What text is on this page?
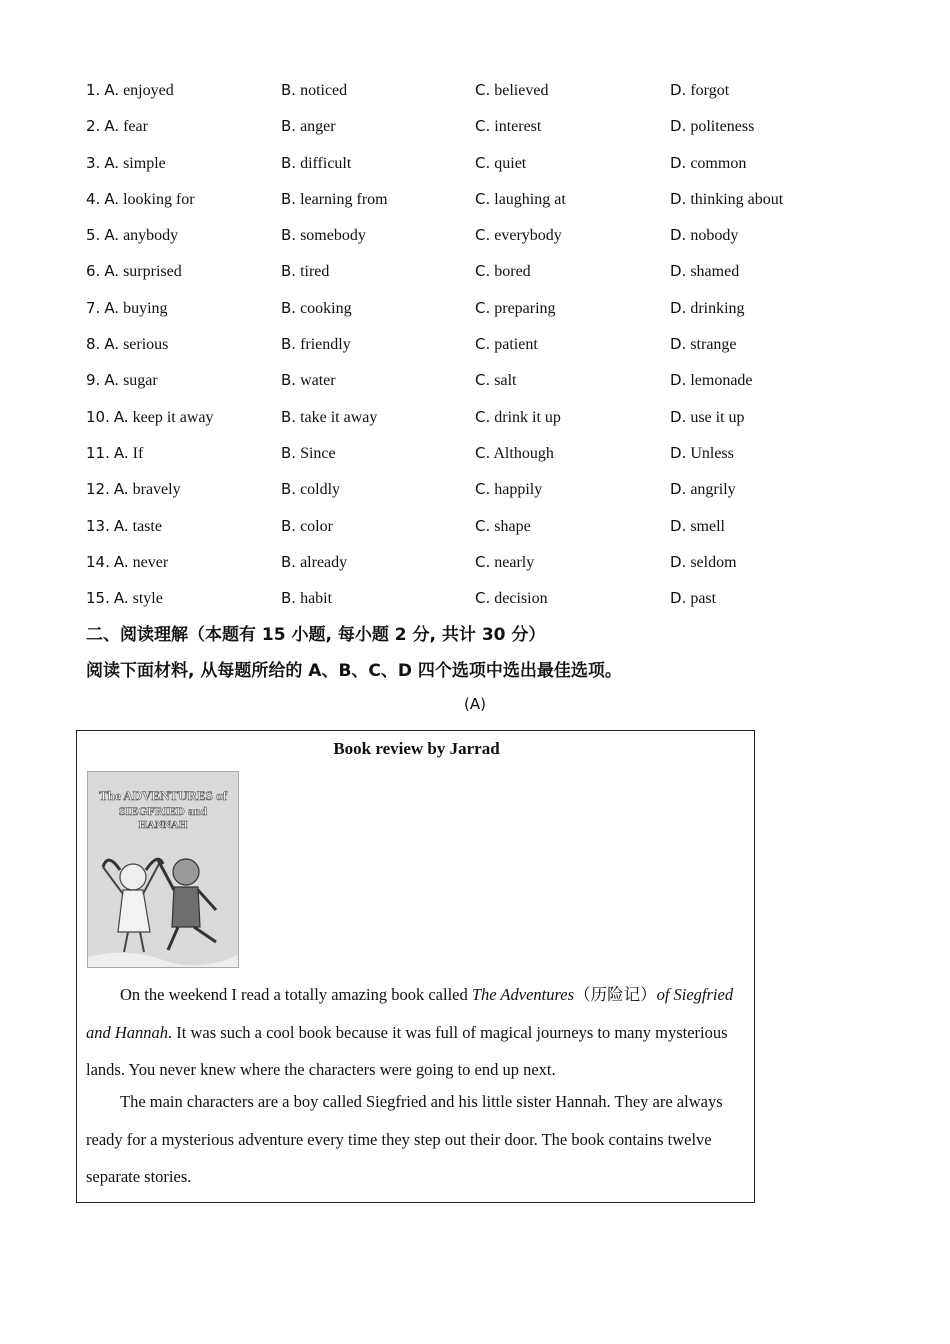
1. A. enjoyed	B. noticed	C. believed	D. forgot
2. A. fear	B. anger	C. interest	D. politeness
3. A. simple	B. difficult	C. quiet	D. common
4. A. looking for	B. learning from	C. laughing at	D. thinking about
5. A. anybody	B. somebody	C. everybody	D. nobody
6. A. surprised	B. tired	C. bored	D. shamed
7. A. buying	B. cooking	C. preparing	D. drinking
8. A. serious	B. friendly	C. patient	D. strange
9. A. sugar	B. water	C. salt	D. lemonade
10. A. keep it away	B. take it away	C. drink it up	D. use it up
11. A. If	B. Since	C. Although	D. Unless
12. A. bravely	B. coldly	C. happily	D. angrily
13. A. taste	B. color	C. shape	D. smell
14. A. never	B. already	C. nearly	D. seldom
15. A. style	B. habit	C. decision	D. past
二、阅读理解（本题有 15 小题, 每小题 2 分, 共计 30 分）
阅读下面材料, 从每题所给的 A、B、C、D 四个选项中选出最佳选项。
(A)
Book review by Jarrad
The ADVENTURES of
SIEGFRIED and
HANNAH
On the weekend I read a totally amazing book called The Adventures（历险记）of Siegfried and Hannah. It was such a cool book because it was full of magical journeys to many mysterious lands. You never knew where the characters were going to end up next.
The main characters are a boy called Siegfried and his little sister Hannah. They are always ready for a mysterious adventure every time they step out their door. The book contains twelve separate stories.
